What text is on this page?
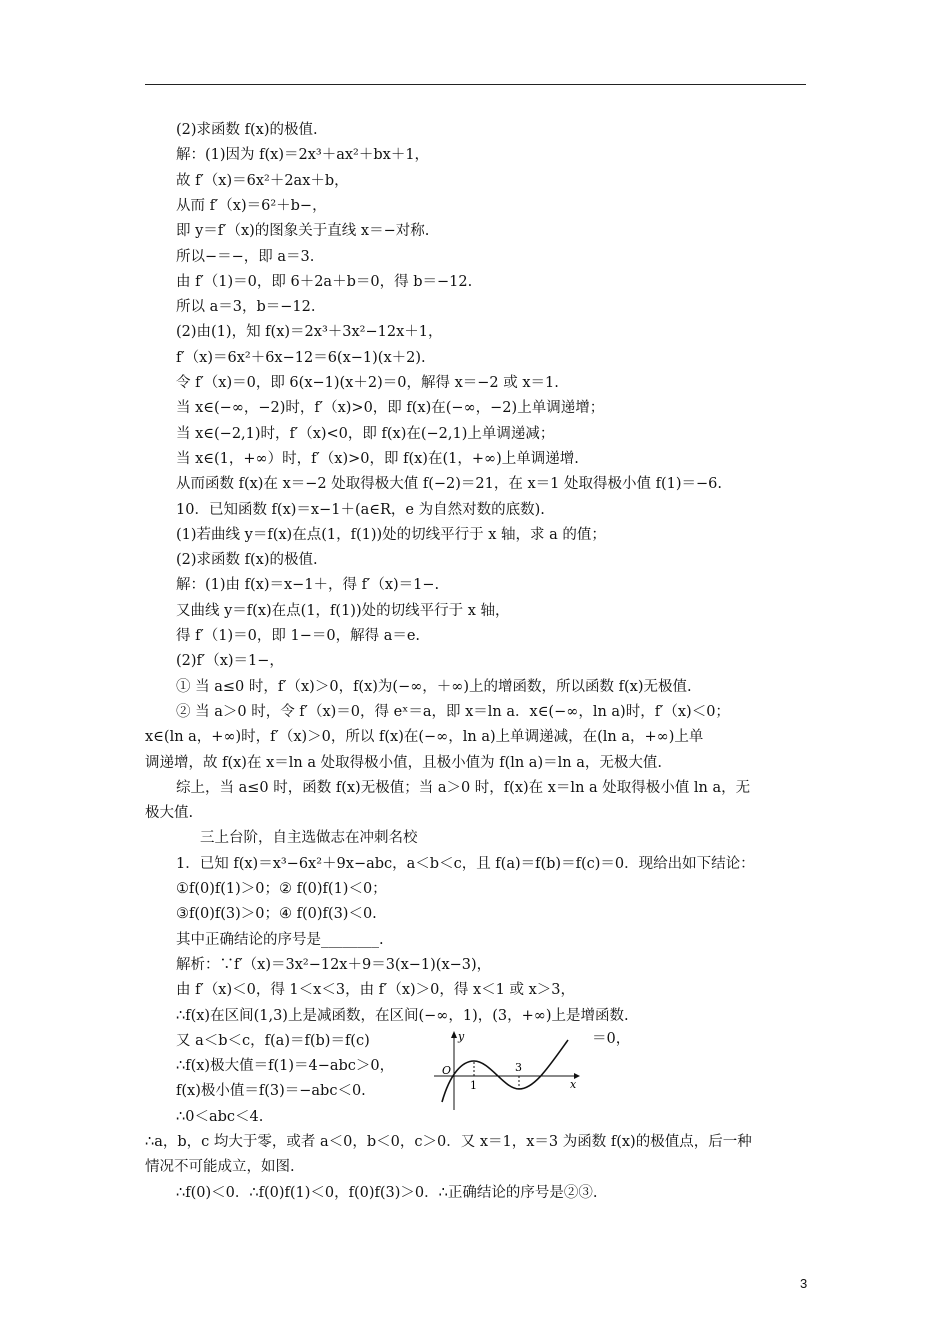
(2)求函数 f(x)的极值.
解：(1)因为 f(x)＝2x³＋ax²＋bx＋1，
故 f′（x)＝6x²＋2ax＋b，
从而 f′（x)＝6²＋b−，
即 y＝f′（x)的图象关于直线 x＝−对称.
所以−＝−，即 a＝3.
由 f′（1)＝0，即 6＋2a＋b＝0，得 b＝−12.
所以 a＝3，b＝−12.
(2)由(1)，知 f(x)＝2x³＋3x²−12x＋1，
f′（x)＝6x²＋6x−12＝6(x−1)(x＋2).
令 f′（x)＝0，即 6(x−1)(x＋2)＝0，解得 x＝−2 或 x＝1.
当 x∈(−∞，−2)时，f′（x)>0，即 f(x)在(−∞，−2)上单调递增；
当 x∈(−2,1)时，f′（x)<0，即 f(x)在(−2,1)上单调递减；
当 x∈(1，+∞）时，f′（x)>0，即 f(x)在(1，+∞)上单调递增.
从而函数 f(x)在 x＝−2 处取得极大值 f(−2)＝21，在 x＝1 处取得极小值 f(1)＝−6.
10．已知函数 f(x)＝x−1＋(a∈R，e 为自然对数的底数).
(1)若曲线 y＝f(x)在点(1，f(1))处的切线平行于 x 轴，求 a 的值；
(2)求函数 f(x)的极值.
解：(1)由 f(x)＝x−1＋，得 f′（x)＝1−.
又曲线 y＝f(x)在点(1，f(1))处的切线平行于 x 轴，
得 f′（1)＝0，即 1−＝0，解得 a＝e.
(2)f′（x)＝1−，
① 当 a≤0 时，f′（x)＞0，f(x)为(−∞，＋∞)上的增函数，所以函数 f(x)无极值.
② 当 a＞0 时，令 f′（x)＝0，得 eˣ＝a，即 x＝ln a．x∈(−∞，ln a)时，f′（x)＜0；
x∈(ln a，+∞)时，f′（x)＞0，所以 f(x)在(−∞，ln a)上单调递减，在(ln a，+∞)上单
调递增，故 f(x)在 x＝ln a 处取得极小值，且极小值为 f(ln a)＝ln a，无极大值.
综上，当 a≤0 时，函数 f(x)无极值；当 a＞0 时，f(x)在 x＝ln a 处取得极小值 ln a，无
极大值.
三上台阶，自主选做志在冲刺名校
1．已知 f(x)＝x³−6x²＋9x−abc，a＜b＜c，且 f(a)＝f(b)＝f(c)＝0．现给出如下结论：
①f(0)f(1)＞0；② f(0)f(1)＜0；
③f(0)f(3)＞0；④ f(0)f(3)＜0.
其中正确结论的序号是________.
解析：∵f′（x)＝3x²−12x＋9＝3(x−1)(x−3)，
由 f′（x)＜0，得 1＜x＜3，由 f′（x)＞0，得 x＜1 或 x＞3，
∴f(x)在区间(1,3)上是减函数，在区间(−∞，1)，(3，+∞)上是增函数.
又 a＜b＜c，f(a)＝f(b)＝f(c)
∴f(x)极大值＝f(1)＝4−abc＞0，
f(x)极小值＝f(3)＝−abc＜0.
∴0＜abc＜4.
∴a，b，c 均大于零，或者 a＜0，b＜0，c＞0．又 x＝1，x＝3 为函数 f(x)的极值点，后一种
情况不可能成立，如图.
∴f(0)＜0．∴f(0)f(1)＜0，f(0)f(3)＞0．∴正确结论的序号是②③.
＝0，
y
O
1
3
x
3
